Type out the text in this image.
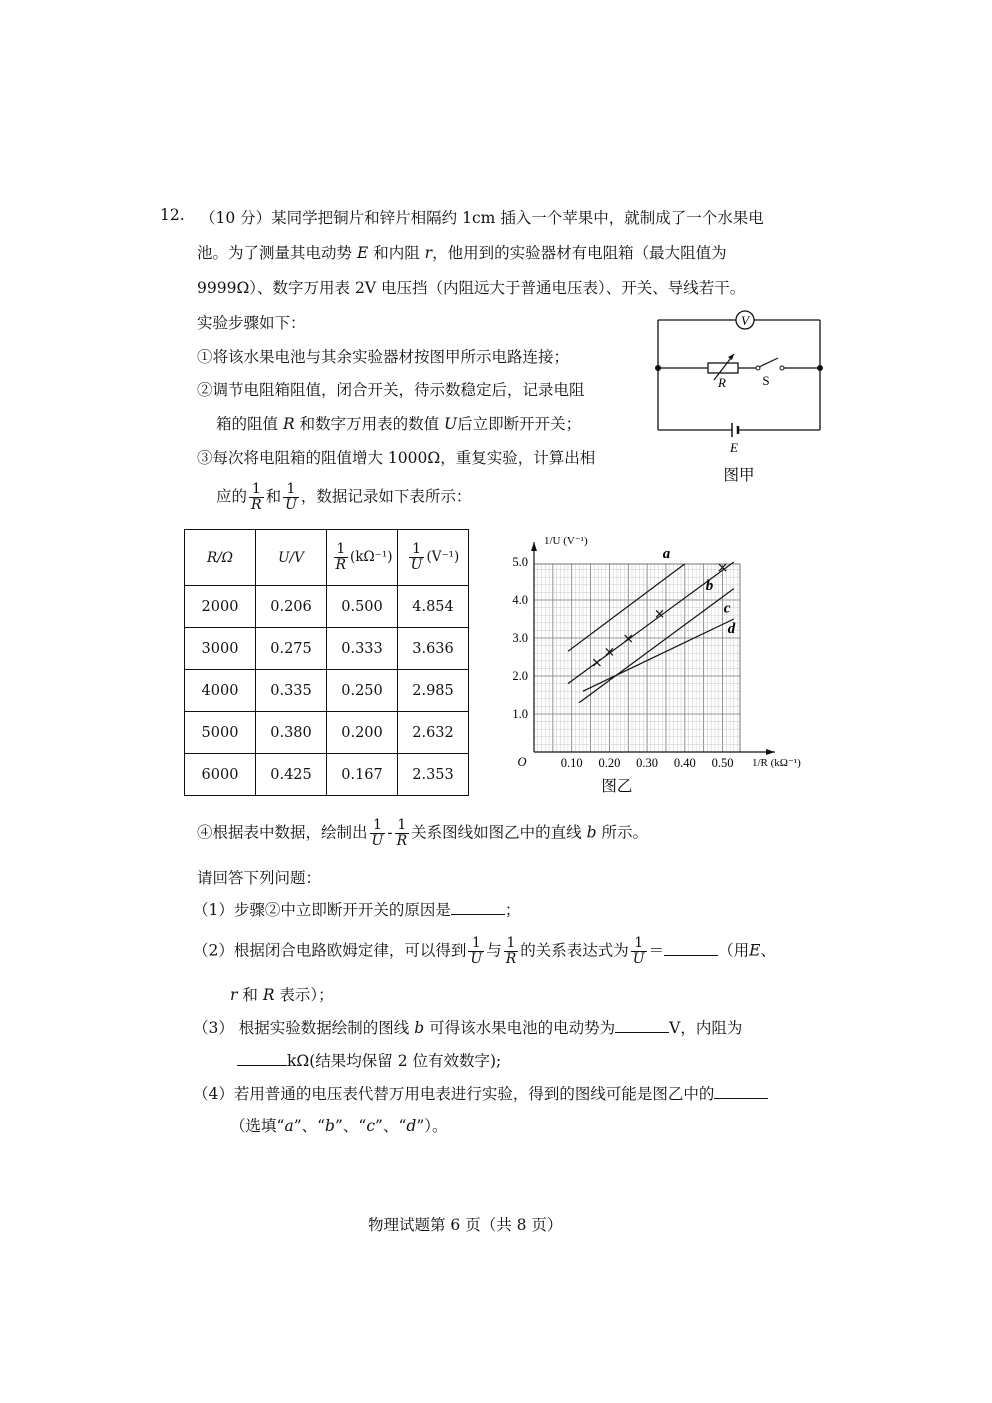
12. （10 分）某同学把铜片和锌片相隔约 1cm 插入一个苹果中，就制成了一个水果电
池。为了测量其电动势 E 和内阻 r，他用到的实验器材有电阻箱（最大阻值为
9999Ω）、数字万用表 2V 电压挡（内阻远大于普通电压表）、开关、导线若干。
实验步骤如下：
①将该水果电池与其余实验器材按图甲所示电路连接；
②调节电阻箱阻值，闭合开关，待示数稳定后，记录电阻
箱的阻值 R 和数字万用表的数值 U后立即断开开关；
③每次将电阻箱的阻值增大 1000Ω，重复实验，计算出相
应的 $\frac{1}{R}$ 和 $\frac{1}{U}$ ，数据记录如下表所示：
V
R	S
E
图甲
R/Ω	U/V	$\frac{1}{R} (k\Omega^{-1})$	$\frac{1}{U} (V^{-1})$
2000	0.206	0.500	4.854
3000	0.275	0.333	3.636
4000	0.335	0.250	2.985
5000	0.380	0.200	2.632
6000	0.425	0.167	2.353
0.10 0.20 0.30 0.40 0.50
1.0
2.0
3.0
4.0
5.0
O
1/U (V⁻¹)
1/R (kΩ⁻¹)
图乙
a
b
c
d
④根据表中数据，绘制出 $\frac{1}{U} - \frac{1}{R}$ 关系图线如图乙中的直线 b 所示。
请回答下列问题：
（1）步骤②中立即断开开关的原因是	；
（2）根据闭合电路欧姆定律，可以得到 $\frac{1}{U}$ 与 $\frac{1}{R}$ 的关系表达式为 $\frac{1}{U}$ ＝	（用E、
r 和 R 表示）；
（3） 根据实验数据绘制的图线 b 可得该水果电池的电动势为	V，内阻为
kΩ(结果均保留 2 位有效数字);
（4）若用普通的电压表代替万用电表进行实验，得到的图线可能是图乙中的
（选填“a”、“b”、“c”、“d”）。
物理试题第 6 页（共 8 页）
